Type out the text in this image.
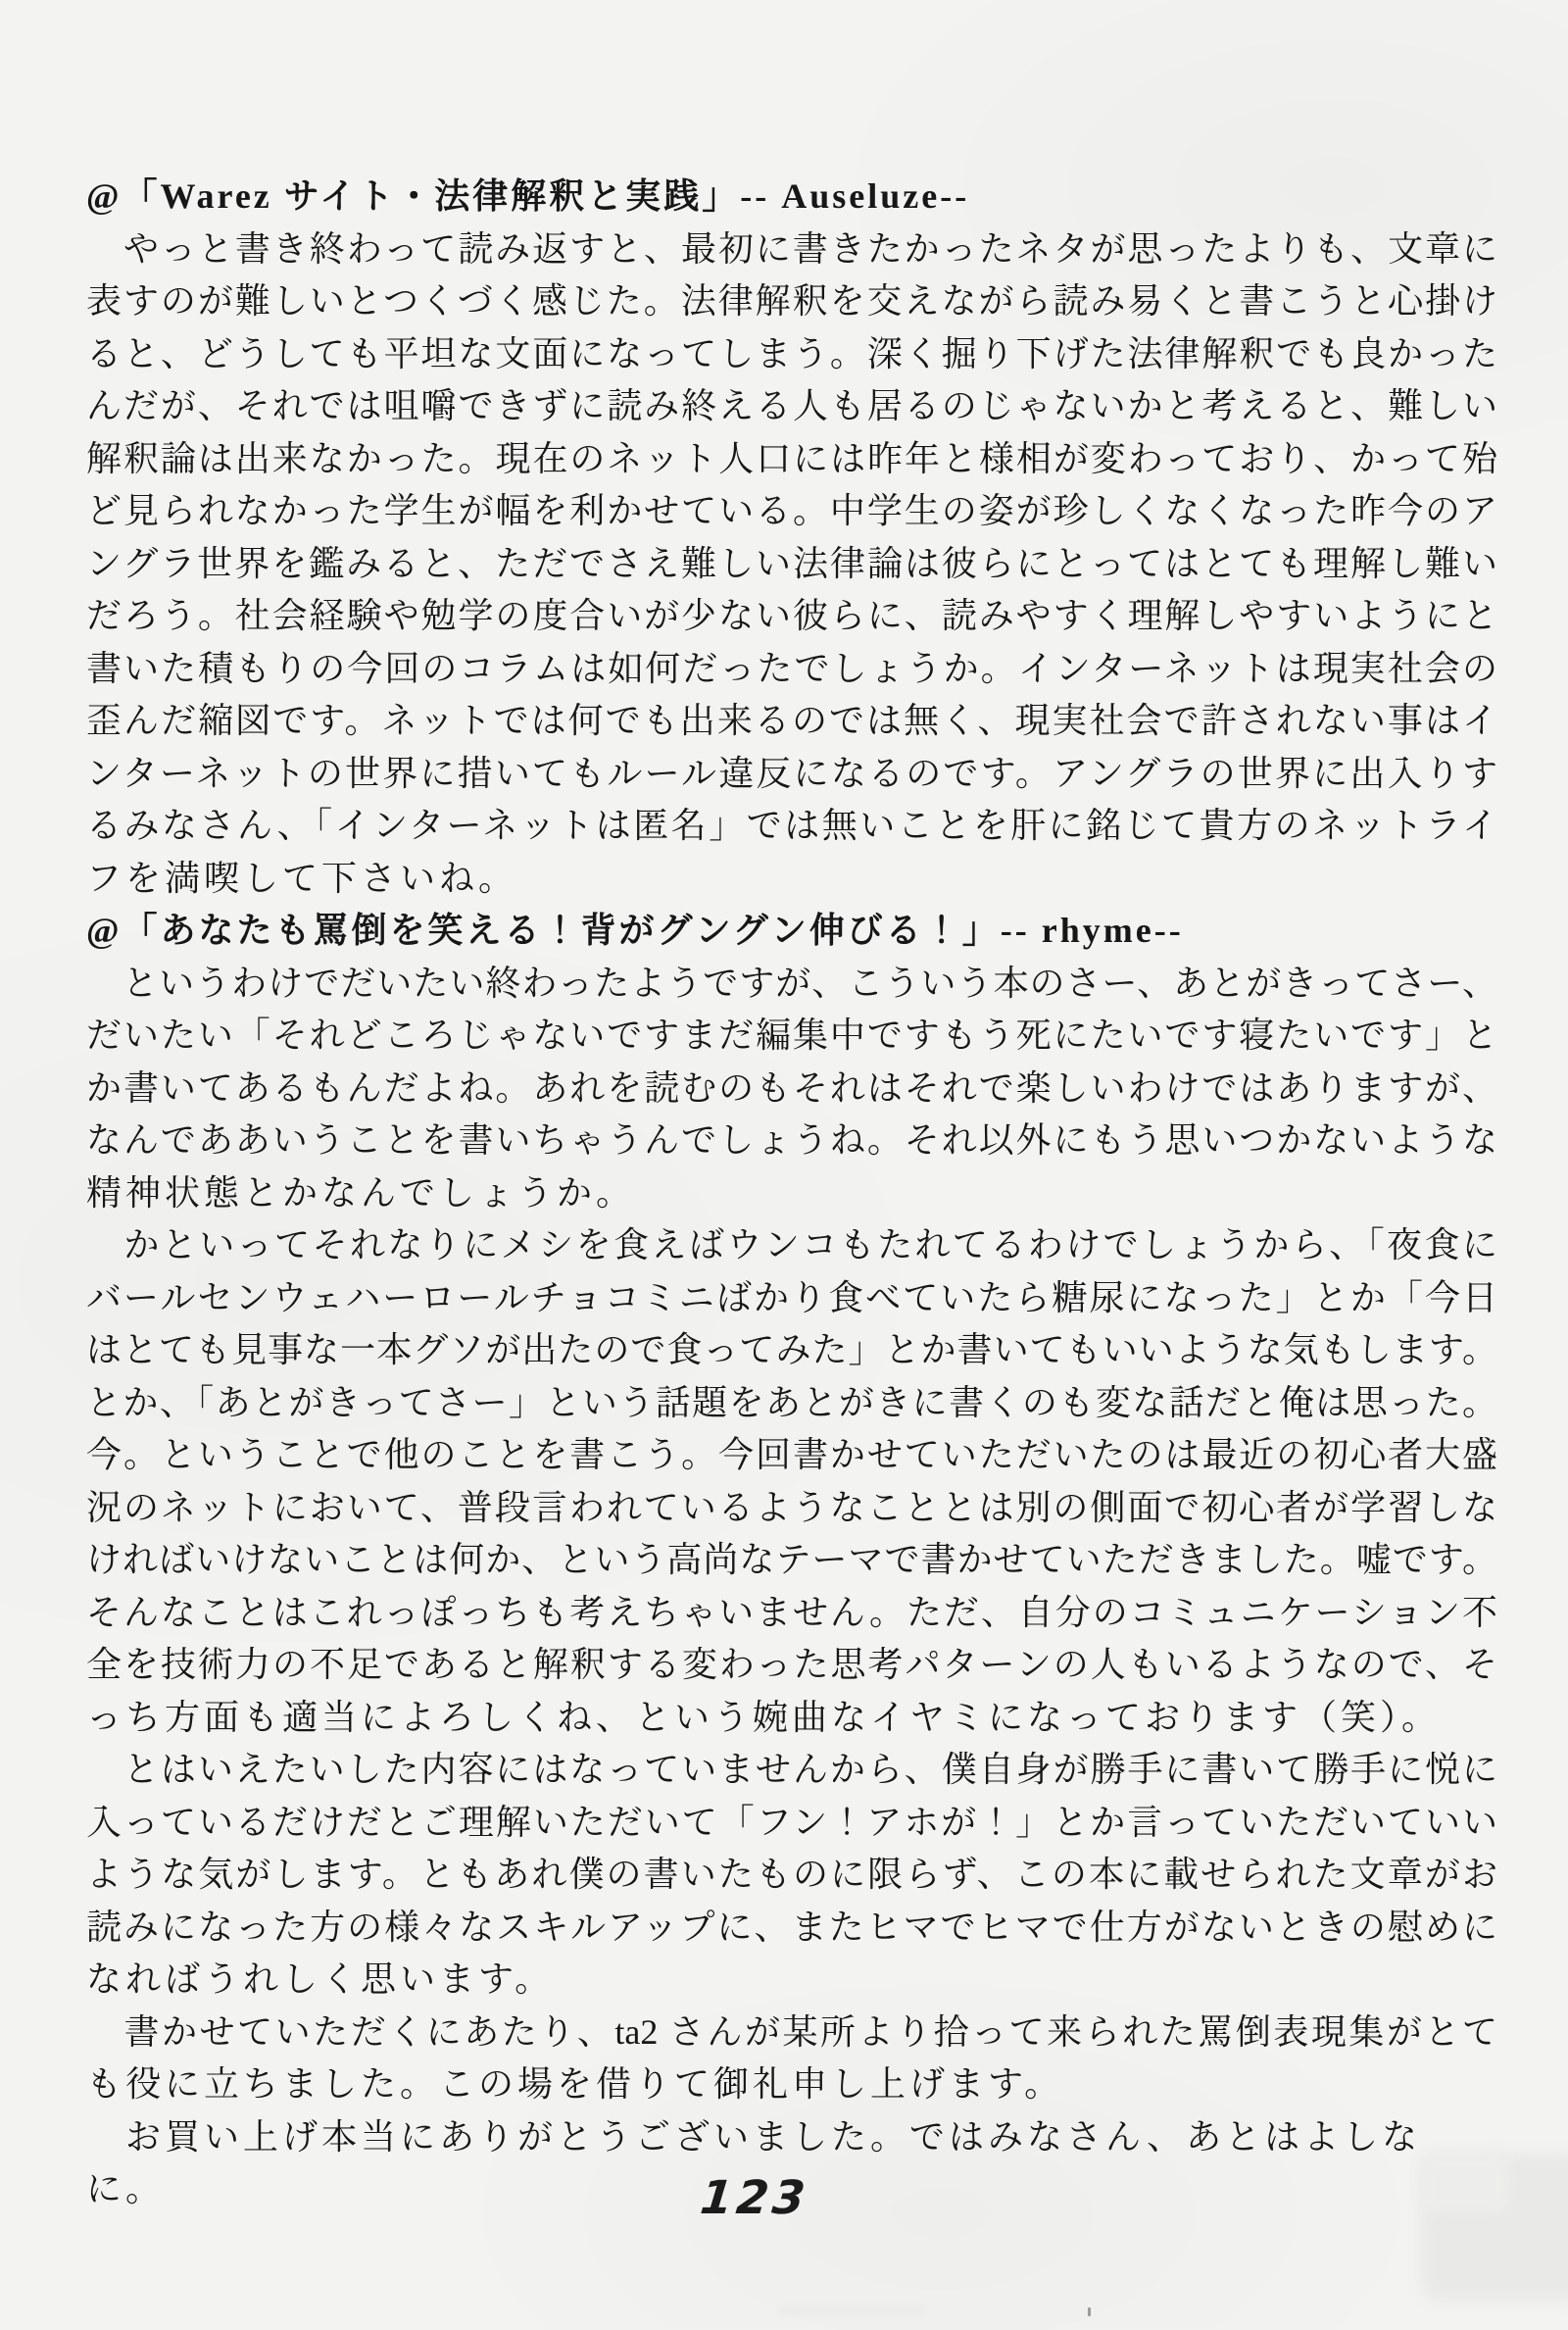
@「Warez サイト・法律解釈と実践」-- Auseluze--
　やっと書き終わって読み返すと、最初に書きたかったネタが思ったよりも、文章に
表すのが難しいとつくづく感じた。法律解釈を交えながら読み易くと書こうと心掛け
ると、どうしても平坦な文面になってしまう。深く掘り下げた法律解釈でも良かった
んだが、それでは咀嚼できずに読み終える人も居るのじゃないかと考えると、難しい
解釈論は出来なかった。現在のネット人口には昨年と様相が変わっており、かって殆
ど見られなかった学生が幅を利かせている。中学生の姿が珍しくなくなった昨今のア
ングラ世界を鑑みると、ただでさえ難しい法律論は彼らにとってはとても理解し難い
だろう。社会経験や勉学の度合いが少ない彼らに、読みやすく理解しやすいようにと
書いた積もりの今回のコラムは如何だったでしょうか。インターネットは現実社会の
歪んだ縮図です。ネットでは何でも出来るのでは無く、現実社会で許されない事はイ
ンターネットの世界に措いてもルール違反になるのです。アングラの世界に出入りす
るみなさん、「インターネットは匿名」では無いことを肝に銘じて貴方のネットライ
フを満喫して下さいね。
@「あなたも罵倒を笑える！背がグングン伸びる！」-- rhyme--
　というわけでだいたい終わったようですが、こういう本のさー、あとがきってさー、
だいたい「それどころじゃないですまだ編集中ですもう死にたいです寝たいです」と
か書いてあるもんだよね。あれを読むのもそれはそれで楽しいわけではありますが、
なんでああいうことを書いちゃうんでしょうね。それ以外にもう思いつかないような
精神状態とかなんでしょうか。
　かといってそれなりにメシを食えばウンコもたれてるわけでしょうから、「夜食に
バールセンウェハーロールチョコミニばかり食べていたら糖尿になった」とか「今日
はとても見事な一本グソが出たので食ってみた」とか書いてもいいような気もします。
とか、「あとがきってさー」という話題をあとがきに書くのも変な話だと俺は思った。
今。ということで他のことを書こう。今回書かせていただいたのは最近の初心者大盛
況のネットにおいて、普段言われているようなこととは別の側面で初心者が学習しな
ければいけないことは何か、という高尚なテーマで書かせていただきました。嘘です。
そんなことはこれっぽっちも考えちゃいません。ただ、自分のコミュニケーション不
全を技術力の不足であると解釈する変わった思考パターンの人もいるようなので、そ
っち方面も適当によろしくね、という婉曲なイヤミになっております（笑）。
　とはいえたいした内容にはなっていませんから、僕自身が勝手に書いて勝手に悦に
入っているだけだとご理解いただいて「フン！アホが！」とか言っていただいていい
ような気がします。ともあれ僕の書いたものに限らず、この本に載せられた文章がお
読みになった方の様々なスキルアップに、またヒマでヒマで仕方がないときの慰めに
なればうれしく思います。
　書かせていただくにあたり、ta2 さんが某所より拾って来られた罵倒表現集がとて
も役に立ちました。この場を借りて御礼申し上げます。
　お買い上げ本当にありがとうございました。ではみなさん、あとはよしなに。	123
